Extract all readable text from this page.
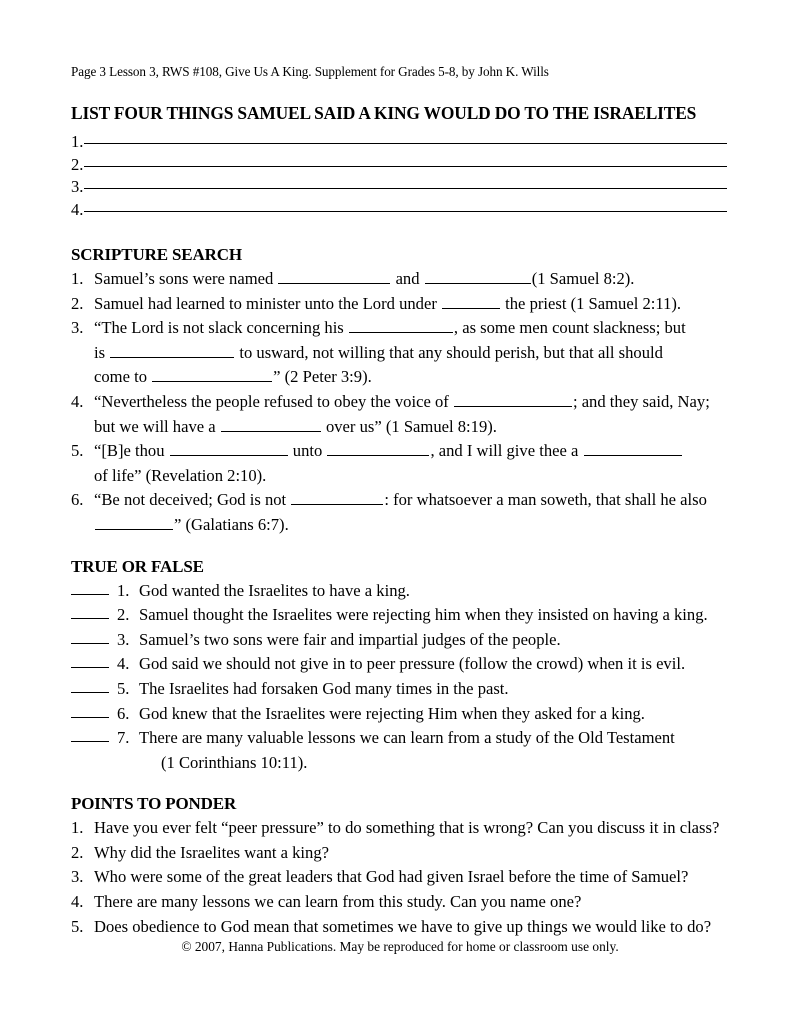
Page 3 Lesson 3, RWS #108, Give Us A King. Supplement for Grades 5-8, by John K. Wills
LIST FOUR THINGS SAMUEL SAID A KING WOULD DO TO THE ISRAELITES
1.
2.
3.
4.
SCRIPTURE SEARCH
1. Samuel’s sons were named	and	(1 Samuel 8:2).
2. Samuel had learned to minister unto the Lord under	the priest (1 Samuel 2:11).
3. “The Lord is not slack concerning his	, as some men count slackness; but
is	to usward, not willing that any should perish, but that all should
come to	” (2 Peter 3:9).
4. “Nevertheless the people refused to obey the voice of	; and they said, Nay;
but we will have a	over us” (1 Samuel 8:19).
5. “[B]e thou	unto	, and I will give thee a
of life” (Revelation 2:10).
6. “Be not deceived; God is not	: for whatsoever a man soweth, that shall he also
” (Galatians 6:7).
TRUE OR FALSE
1. God wanted the Israelites to have a king.
2. Samuel thought the Israelites were rejecting him when they insisted on having a king.
3. Samuel’s two sons were fair and impartial judges of the people.
4. God said we should not give in to peer pressure (follow the crowd) when it is evil.
5. The Israelites had forsaken God many times in the past.
6. God knew that the Israelites were rejecting Him when they asked for a king.
7. There are many valuable lessons we can learn from a study of the Old Testament
(1 Corinthians 10:11).
POINTS TO PONDER
1. Have you ever felt “peer pressure” to do something that is wrong? Can you discuss it in class?
2. Why did the Israelites want a king?
3. Who were some of the great leaders that God had given Israel before the time of Samuel?
4. There are many lessons we can learn from this study. Can you name one?
5. Does obedience to God mean that sometimes we have to give up things we would like to do?
© 2007, Hanna Publications. May be reproduced for home or classroom use only.
